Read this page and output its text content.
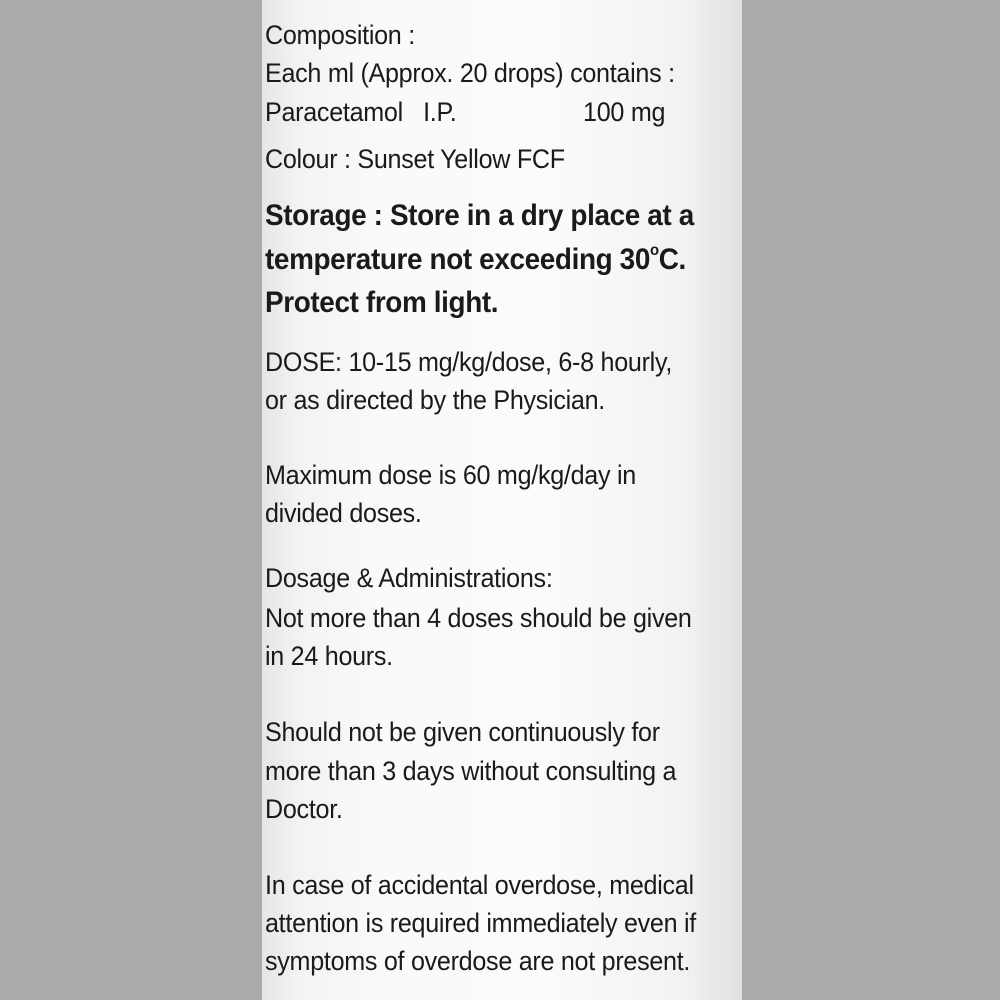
Composition :
Each ml (Approx. 20 drops) contains :
Paracetamol I.P.	100 mg
Colour : Sunset Yellow FCF
Storage : Store in a dry place at a
temperature not exceeding 30$^o$C.
Protect from light.
DOSE: 10-15 mg/kg/dose, 6-8 hourly,
or as directed by the Physician.
Maximum dose is 60 mg/kg/day in
divided doses.
Dosage & Administrations:
Not more than 4 doses should be given
in 24 hours.
Should not be given continuously for
more than 3 days without consulting a
Doctor.
In case of accidental overdose, medical
attention is required immediately even if
symptoms of overdose are not present.
